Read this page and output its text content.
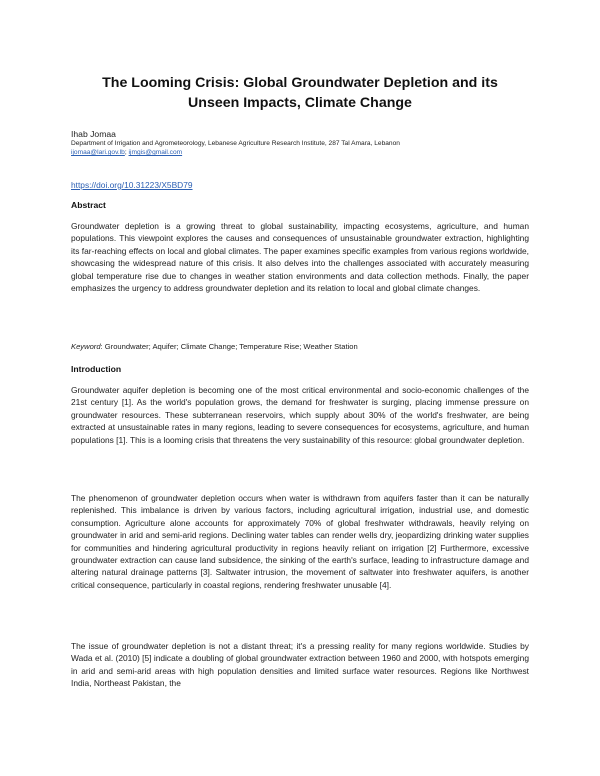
The Looming Crisis: Global Groundwater Depletion and its
Unseen Impacts, Climate Change
Ihab Jomaa
Department of Irrigation and Agrometeorology, Lebanese Agriculture Research Institute, 287 Tal Amara, Lebanon
ijomaa@lari.gov.lb; ijmgis@gmail.com
https://doi.org/10.31223/X5BD79
Abstract

Groundwater depletion is a growing threat to global sustainability, impacting ecosystems, agriculture, and human populations. This viewpoint explores the causes and consequences of unsustainable groundwater extraction, highlighting its far-reaching effects on local and global climates. The paper examines specific examples from various regions worldwide, showcasing the widespread nature of this crisis. It also delves into the challenges associated with accurately measuring global temperature rise due to changes in weather station environments and data collection methods. Finally, the paper emphasizes the urgency to address groundwater depletion and its relation to local and global climate changes.

Keyword: Groundwater; Aquifer; Climate Change; Temperature Rise; Weather Station
Introduction

Groundwater aquifer depletion is becoming one of the most critical environmental and socio-economic challenges of the 21st century [1]. As the world's population grows, the demand for freshwater is surging, placing immense pressure on groundwater resources. These subterranean reservoirs, which supply about 30% of the world's freshwater, are being extracted at unsustainable rates in many regions, leading to severe consequences for ecosystems, agriculture, and human populations [1]. This is a looming crisis that threatens the very sustainability of this resource: global groundwater depletion.

The phenomenon of groundwater depletion occurs when water is withdrawn from aquifers faster than it can be naturally replenished. This imbalance is driven by various factors, including agricultural irrigation, industrial use, and domestic consumption. Agriculture alone accounts for approximately 70% of global freshwater withdrawals, heavily relying on groundwater in arid and semi-arid regions. Declining water tables can render wells dry, jeopardizing drinking water supplies for communities and hindering agricultural productivity in regions heavily reliant on irrigation [2] Furthermore, excessive groundwater extraction can cause land subsidence, the sinking of the earth's surface, leading to infrastructure damage and altering natural drainage patterns [3]. Saltwater intrusion, the movement of saltwater into freshwater aquifers, is another critical consequence, particularly in coastal regions, rendering freshwater unusable [4].

The issue of groundwater depletion is not a distant threat; it's a pressing reality for many regions worldwide. Studies by Wada et al. (2010) [5] indicate a doubling of global groundwater extraction between 1960 and 2000, with hotspots emerging in arid and semi-arid areas with high population densities and limited surface water resources. Regions like Northwest India, Northeast Pakistan, the
